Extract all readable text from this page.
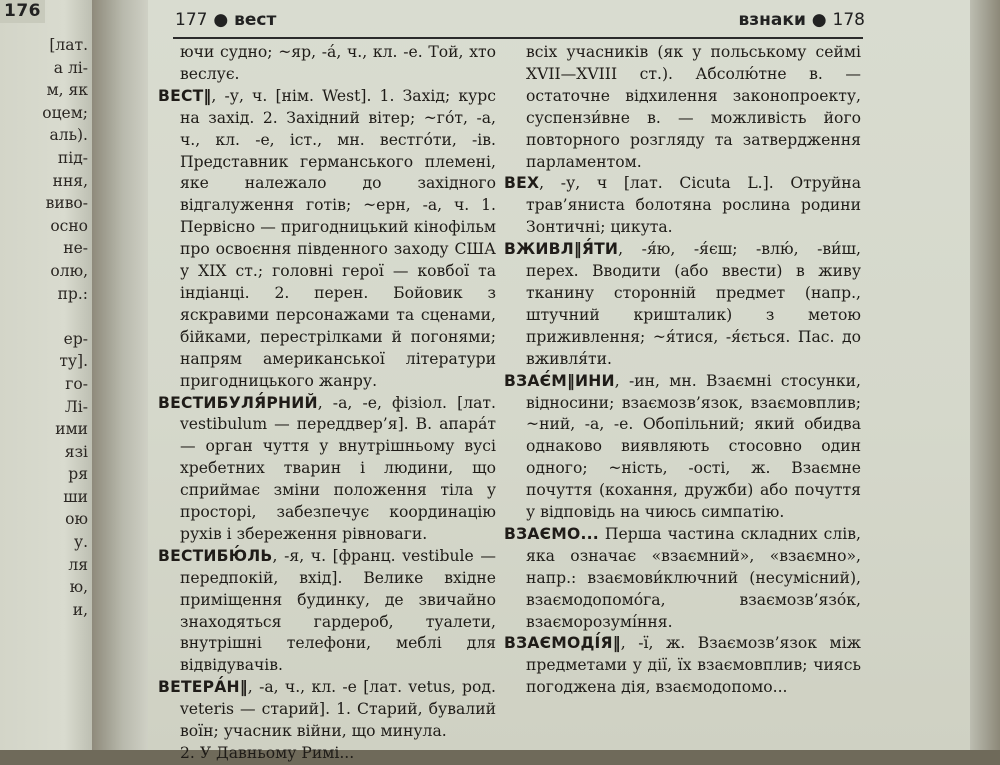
176
[лат.
а лі-
м, як
оцем;
аль).
під-
ння,
виво-
осно
не-
олю,
пр.:
ер-
ту].
го-
Лі-
ими
язі
ря
ши
ою
у.
ля
ю,
и,
177 ● вест	взнаки ● 178

ючи судно; ~яр, -а́, ч., кл. -е. Той, хто веслує.

ВЕСТ‖, -у, ч. [нім. West]. 1. Захід; курс на захід. 2. Західний вітер; ~го́т, -а, ч., кл. -е, іст., мн. вестго́ти, -ів. Представник германського племені, яке належало до західного відгалуження готів; ~ерн, -а, ч. 1. Первісно — пригодницький кінофільм про освоєння південного заходу США у XIX ст.; головні герої — ковбої та індіанці. 2. перен. Бойовик з яскравими персонажами та сценами, бійками, перестрілками й погонями; напрям американської літератури пригодницького жанру.

ВЕСТИБУЛЯ́РНИЙ, -а, -е, фізіол. [лат. vestibulum — переддвер’я]. В. апара́т — орган чуття у внутрішньому вусі хребетних тварин і людини, що сприймає зміни положення тіла у просторі, забезпечує координацію рухів і збереження рівноваги.

ВЕСТИБЮ́ЛЬ, -я, ч. [франц. vestibule — передпокій, вхід]. Велике вхідне приміщення будинку, де звичайно знаходяться гардероб, туалети, внутрішні телефони, меблі для відвідувачів.

ВЕТЕРА́Н‖, -а, ч., кл. -е [лат. vetus, род. veteris — старий]. 1. Старий, бувалий воїн; учасник війни, що минула.

2. У Давньому Римі...

всіх учасників (як у польському сеймі XVII—XVIII ст.). Абсолю́тне в. — остаточне відхилення законопроекту, суспензи́вне в. — можливість його повторного розгляду та затвердження парламентом.

ВЕХ, -у, ч [лат. Cicuta L.]. Отруйна трав’яниста болотяна рослина родини Зонтичні; цикута.

ВЖИВЛ‖Я́ТИ, -я́ю, -я́єш; -влю́, -ви́ш, перех. Вводити (або ввести) в живу тканину сторонній предмет (напр., штучний кришталик) з метою приживлення; ~я́тися, -я́ється. Пас. до вживля́ти.

ВЗАЄ́М‖ИНИ, -ин, мн. Взаємні стосунки, відносини; взаємозв’язок, взаємовплив; ~ний, -а, -е. Обопільний; який обидва однаково виявляють стосовно один одного; ~ність, -ості, ж. Взаємне почуття (кохання, дружби) або почуття у відповідь на чиюсь симпатію.

ВЗАЄМО... Перша частина складних слів, яка означає «взаємний», «взаємно», напр.: взаємови́ключний (несумісний), взаємодопомо́га, взаємозв’язо́к, взаєморозумі́ння.

ВЗАЄМОДІ́Я‖, -ї, ж. Взаємозв’язок між предметами у дії, їх взаємовплив; чиясь погоджена дія, взаємодопомо...
